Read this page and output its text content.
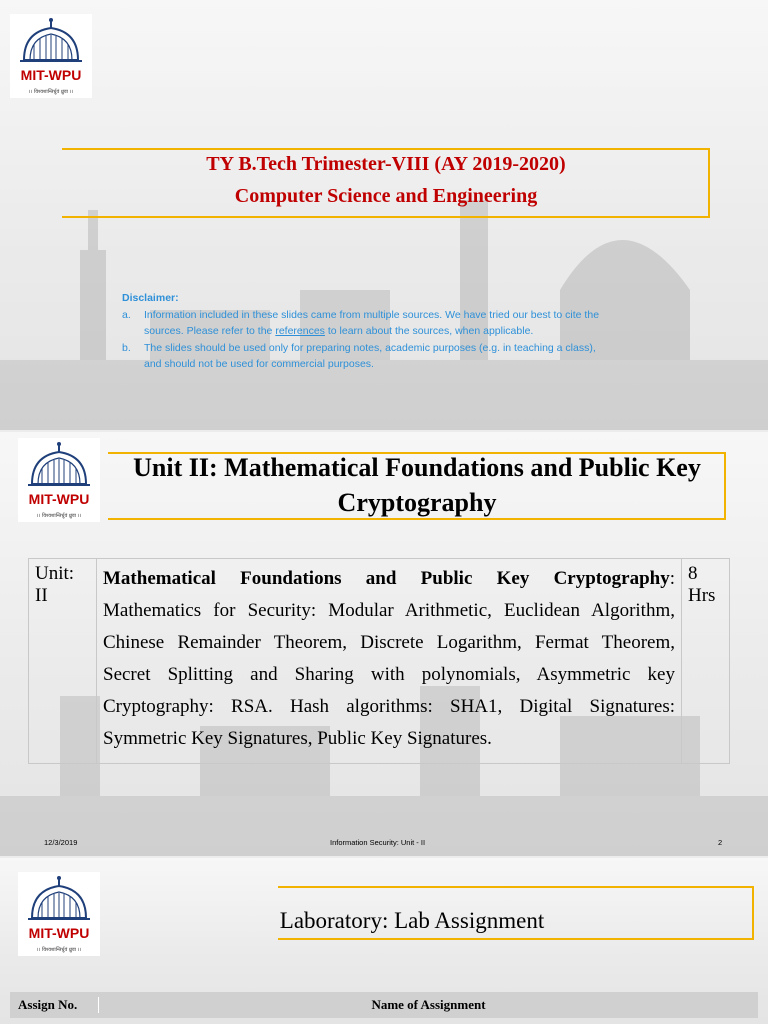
MIT-WPU
।। विश्वशान्तिर्धुवं ध्रुवा ।।
TY B.Tech Trimester-VIII (AY 2019-2020)
Computer Science and Engineering
Disclaimer:
a. Information included in these slides came from multiple sources. We have tried our best to cite the sources. Please refer to the references to learn about the sources, when applicable.
b. The slides should be used only for preparing notes, academic purposes (e.g. in teaching a class), and should not be used for commercial purposes.
MIT-WPU
।। विश्वशान्तिर्धुवं ध्रुवा ।।
Unit II: Mathematical Foundations and Public Key Cryptography
Unit: II	Mathematical Foundations and Public Key Cryptography: Mathematics for Security: Modular Arithmetic, Euclidean Algorithm, Chinese Remainder Theorem, Discrete Logarithm, Fermat Theorem, Secret Splitting and Sharing with polynomials, Asymmetric key Cryptography: RSA. Hash algorithms: SHA1, Digital Signatures: Symmetric Key Signatures, Public Key Signatures.	8 Hrs
12/3/2019	Information Security: Unit - II	2
MIT-WPU
।। विश्वशान्तिर्धुवं ध्रुवा ।।
Laboratory: Lab Assignment
Assign No.	Name of Assignment
